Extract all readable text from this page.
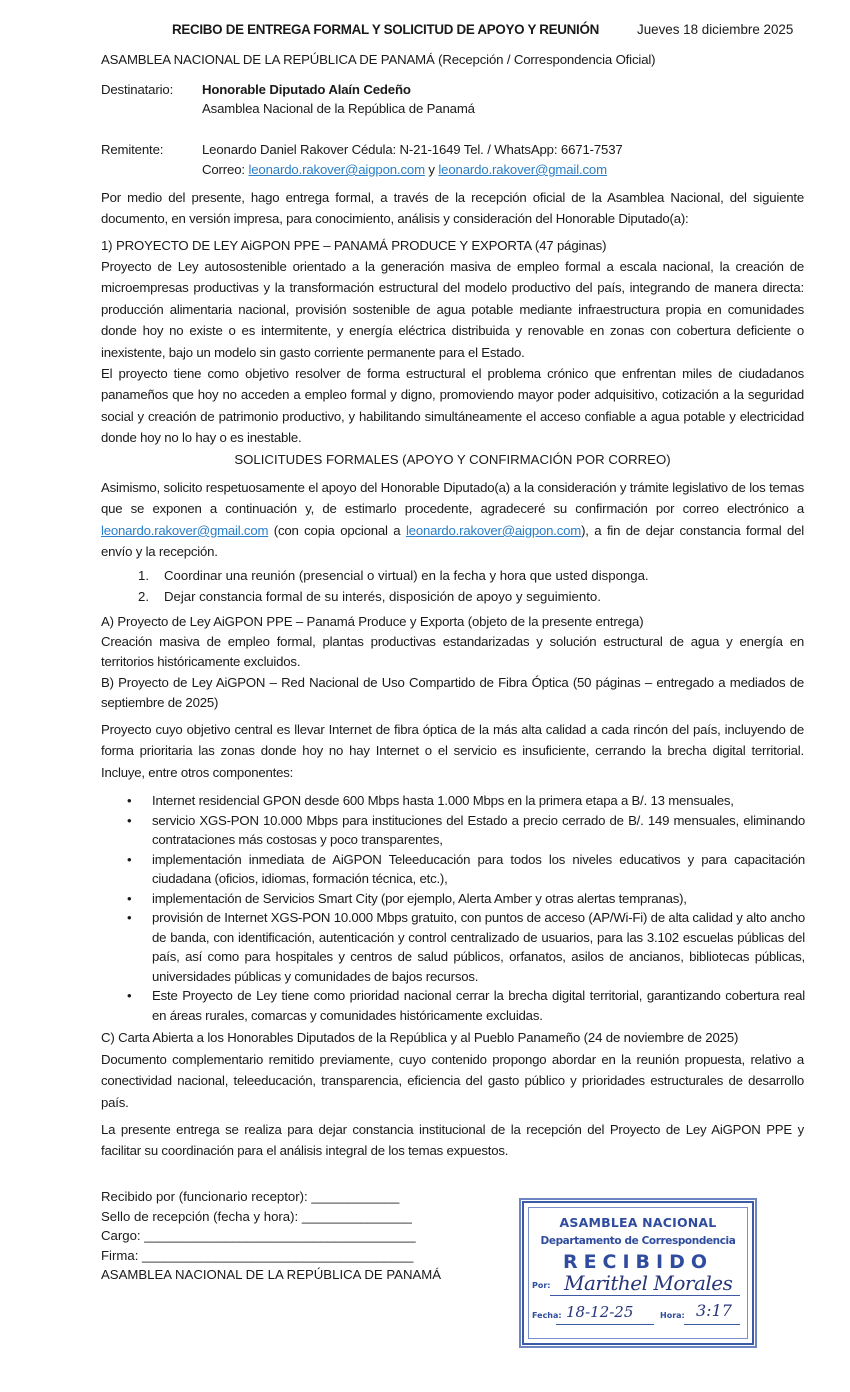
RECIBO DE ENTREGA FORMAL Y SOLICITUD DE APOYO Y REUNIÓN	Jueves 18 diciembre 2025
ASAMBLEA NACIONAL DE LA REPÚBLICA DE PANAMÁ (Recepción / Correspondencia Oficial)
Destinatario: Honorable Diputado Alaín Cedeño
Asamblea Nacional de la República de Panamá
Remitente:	Leonardo Daniel Rakover Cédula: N-21-1649 Tel. / WhatsApp: 6671-7537
Correo: leonardo.rakover@aigpon.com y leonardo.rakover@gmail.com
Por medio del presente, hago entrega formal, a través de la recepción oficial de la Asamblea Nacional, del siguiente documento, en versión impresa, para conocimiento, análisis y consideración del Honorable Diputado(a):
1) PROYECTO DE LEY AiGPON PPE – PANAMÁ PRODUCE Y EXPORTA (47 páginas)
Proyecto de Ley autosostenible orientado a la generación masiva de empleo formal a escala nacional, la creación de microempresas productivas y la transformación estructural del modelo productivo del país, integrando de manera directa: producción alimentaria nacional, provisión sostenible de agua potable mediante infraestructura propia en comunidades donde hoy no existe o es intermitente, y energía eléctrica distribuida y renovable en zonas con cobertura deficiente o inexistente, bajo un modelo sin gasto corriente permanente para el Estado.
El proyecto tiene como objetivo resolver de forma estructural el problema crónico que enfrentan miles de ciudadanos panameños que hoy no acceden a empleo formal y digno, promoviendo mayor poder adquisitivo, cotización a la seguridad social y creación de patrimonio productivo, y habilitando simultáneamente el acceso confiable a agua potable y electricidad donde hoy no lo hay o es inestable.
SOLICITUDES FORMALES (APOYO Y CONFIRMACIÓN POR CORREO)
Asimismo, solicito respetuosamente el apoyo del Honorable Diputado(a) a la consideración y trámite legislativo de los temas que se exponen a continuación y, de estimarlo procedente, agradeceré su confirmación por correo electrónico a leonardo.rakover@gmail.com (con copia opcional a leonardo.rakover@aigpon.com), a fin de dejar constancia formal del envío y la recepción.
1. Coordinar una reunión (presencial o virtual) en la fecha y hora que usted disponga.
2. Dejar constancia formal de su interés, disposición de apoyo y seguimiento.
A) Proyecto de Ley AiGPON PPE – Panamá Produce y Exporta (objeto de la presente entrega)
Creación masiva de empleo formal, plantas productivas estandarizadas y solución estructural de agua y energía en territorios históricamente excluidos.
B) Proyecto de Ley AiGPON – Red Nacional de Uso Compartido de Fibra Óptica (50 páginas – entregado a mediados de septiembre de 2025)
Proyecto cuyo objetivo central es llevar Internet de fibra óptica de la más alta calidad a cada rincón del país, incluyendo de forma prioritaria las zonas donde hoy no hay Internet o el servicio es insuficiente, cerrando la brecha digital territorial. Incluye, entre otros componentes:
• Internet residencial GPON desde 600 Mbps hasta 1.000 Mbps en la primera etapa a B/. 13 mensuales,
• servicio XGS-PON 10.000 Mbps para instituciones del Estado a precio cerrado de B/. 149 mensuales, eliminando contrataciones más costosas y poco transparentes,
• implementación inmediata de AiGPON Teleeducación para todos los niveles educativos y para capacitación ciudadana (oficios, idiomas, formación técnica, etc.),
• implementación de Servicios Smart City (por ejemplo, Alerta Amber y otras alertas tempranas),
• provisión de Internet XGS-PON 10.000 Mbps gratuito, con puntos de acceso (AP/Wi-Fi) de alta calidad y alto ancho de banda, con identificación, autenticación y control centralizado de usuarios, para las 3.102 escuelas públicas del país, así como para hospitales y centros de salud públicos, orfanatos, asilos de ancianos, bibliotecas públicas, universidades públicas y comunidades de bajos recursos.
• Este Proyecto de Ley tiene como prioridad nacional cerrar la brecha digital territorial, garantizando cobertura real en áreas rurales, comarcas y comunidades históricamente excluidas.
C) Carta Abierta a los Honorables Diputados de la República y al Pueblo Panameño (24 de noviembre de 2025)
Documento complementario remitido previamente, cuyo contenido propongo abordar en la reunión propuesta, relativo a conectividad nacional, teleeducación, transparencia, eficiencia del gasto público y prioridades estructurales de desarrollo país.
La presente entrega se realiza para dejar constancia institucional de la recepción del Proyecto de Ley AiGPON PPE y facilitar su coordinación para el análisis integral de los temas expuestos.
Recibido por (funcionario receptor): ____________
Sello de recepción (fecha y hora): _______________
Cargo: _____________________________________
Firma: _____________________________________
ASAMBLEA NACIONAL DE LA REPÚBLICA DE PANAMÁ
ASAMBLEA NACIONAL
Departamento de Correspondencia
RECIBIDO
Por: Marithel Morales
Fecha: 18-12-25	Hora: 3:17
